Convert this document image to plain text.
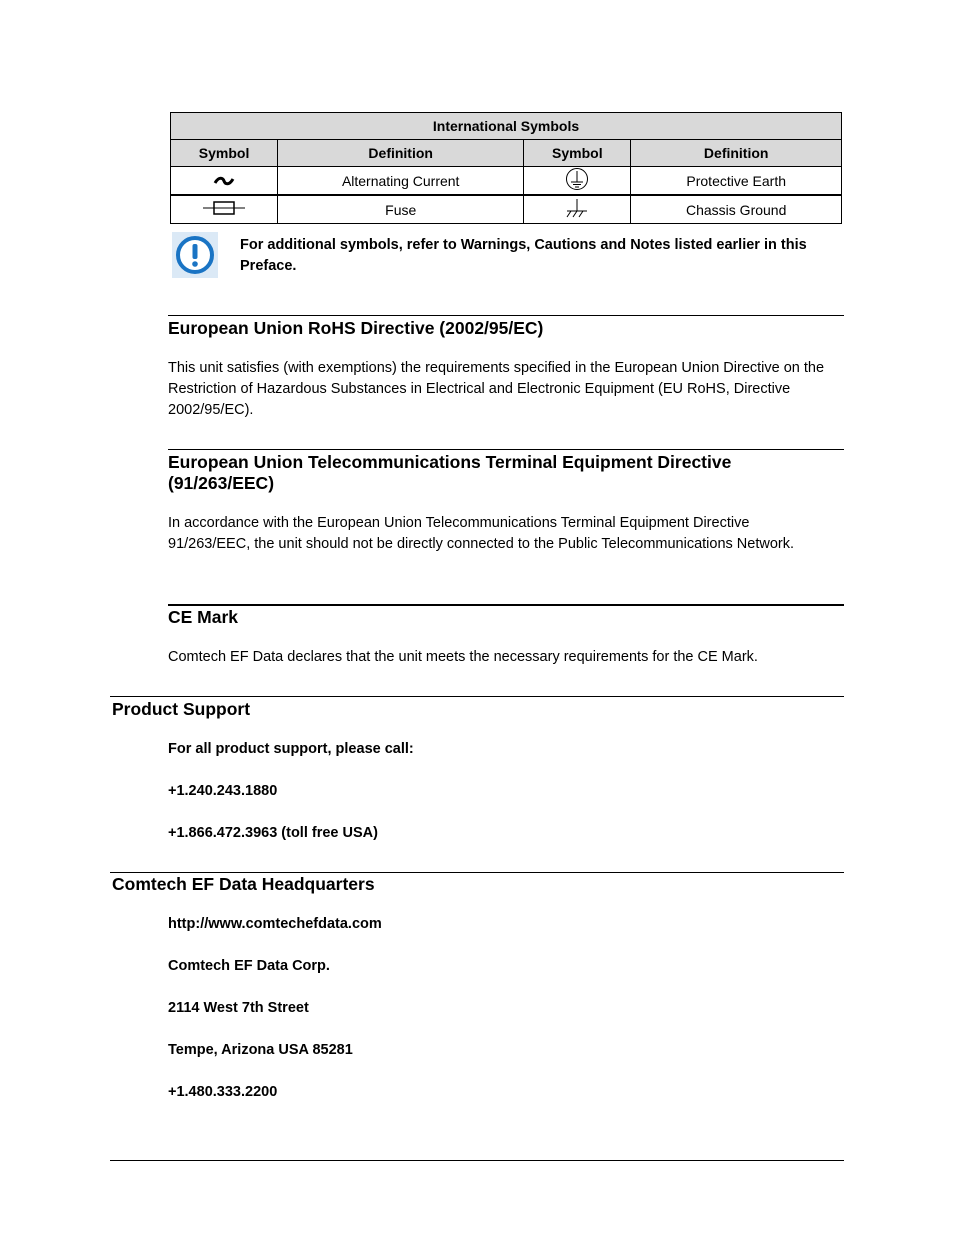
International Symbols			
Symbol	Definition	Symbol	Definition
	Alternating Current		Protective Earth
	Fuse		Chassis Ground
For additional symbols, refer to Warnings, Cautions and Notes listed earlier in this Preface.
European Union RoHS Directive (2002/95/EC)
This unit satisfies (with exemptions) the requirements specified in the European Union Directive on the Restriction of Hazardous Substances in Electrical and Electronic Equipment (EU RoHS, Directive 2002/95/EC).
European Union Telecommunications Terminal Equipment Directive (91/263/EEC)
In accordance with the European Union Telecommunications Terminal Equipment Directive 91/263/EEC, the unit should not be directly connected to the Public Telecommunications Network.
CE Mark
Comtech EF Data declares that the unit meets the necessary requirements for the CE Mark.
Product Support
For all product support, please call:
+1.240.243.1880
+1.866.472.3963 (toll free USA)
Comtech EF Data Headquarters
http://www.comtechefdata.com
Comtech EF Data Corp.
2114 West 7th Street
Tempe, Arizona USA 85281
+1.480.333.2200
